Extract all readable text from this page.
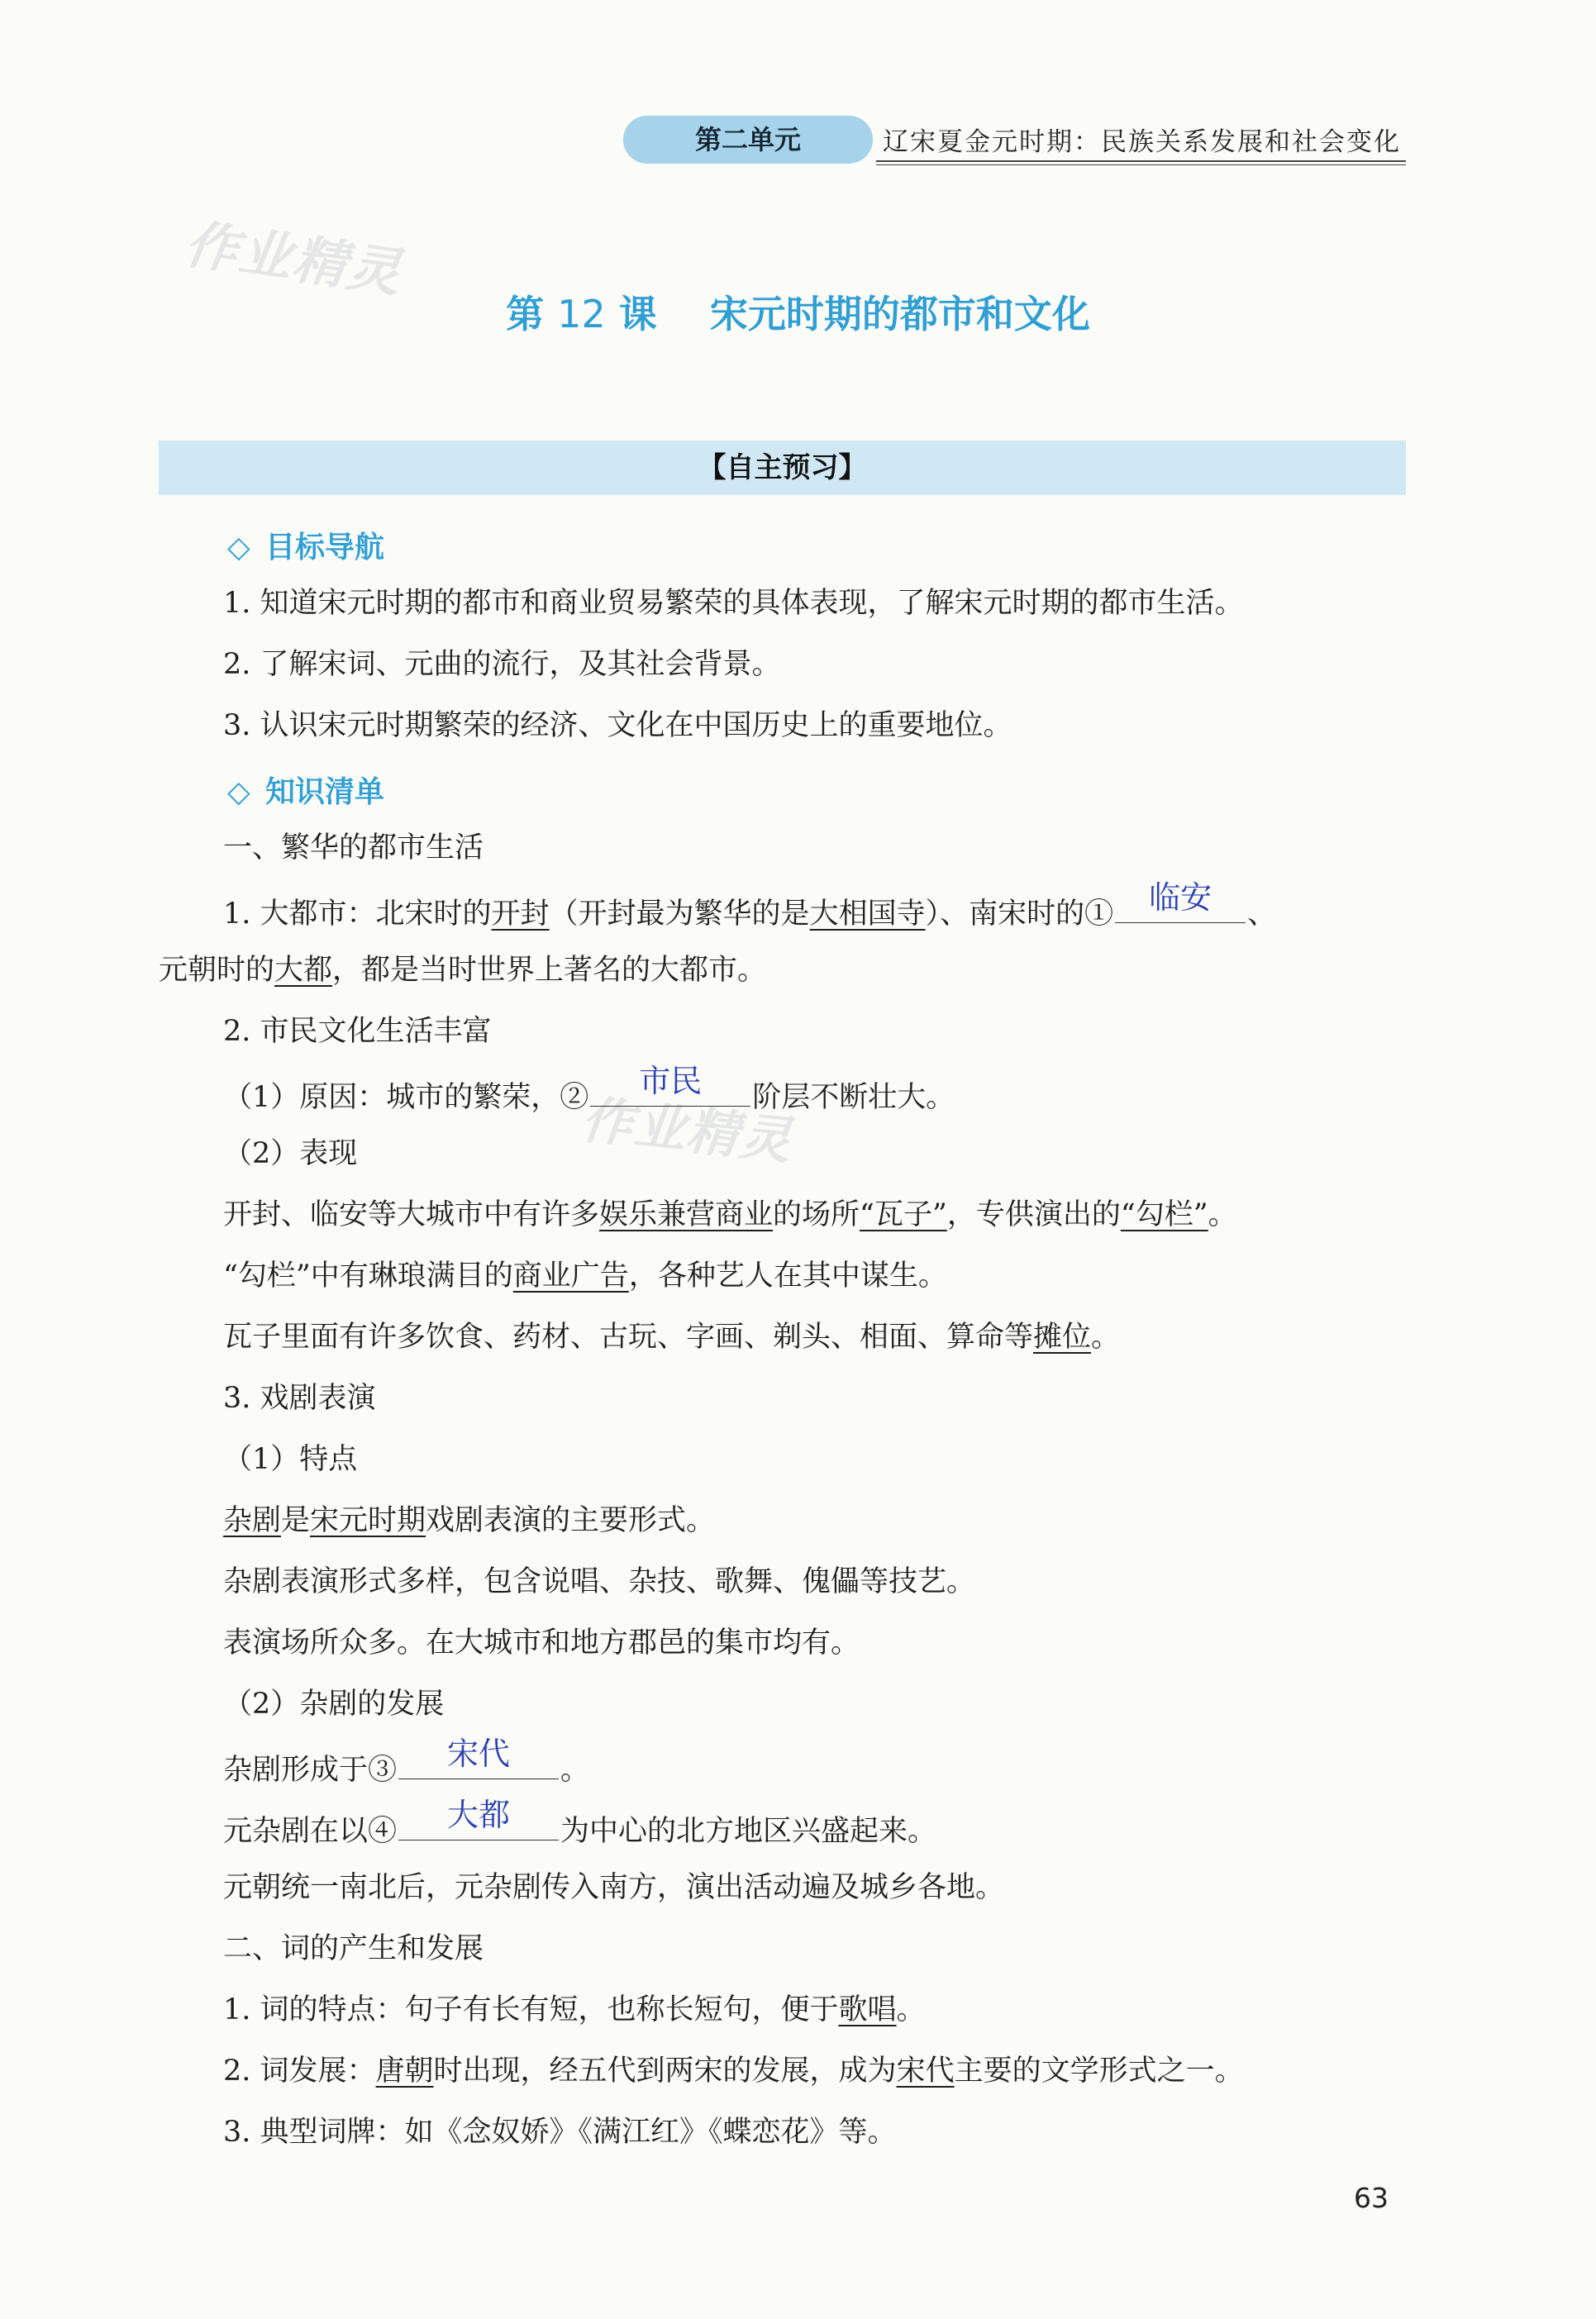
第二单元	辽宋夏金元时期：民族关系发展和社会变化
作业精灵
作业精灵
第 12 课 宋元时期的都市和文化
【自主预习】
◇ 目标导航
1. 知道宋元时期的都市和商业贸易繁荣的具体表现，了解宋元时期的都市生活。
2. 了解宋词、元曲的流行，及其社会背景。
3. 认识宋元时期繁荣的经济、文化在中国历史上的重要地位。
◇ 知识清单
一、繁华的都市生活
1. 大都市：北宋时的开封（开封最为繁华的是大相国寺）、南宋时的①	临安	、
元朝时的大都，都是当时世界上著名的大都市。
2. 市民文化生活丰富
（1）原因：城市的繁荣，②	市民	阶层不断壮大。
（2）表现
开封、临安等大城市中有许多娱乐兼营商业的场所“瓦子”，专供演出的“勾栏”。
“勾栏”中有琳琅满目的商业广告，各种艺人在其中谋生。
瓦子里面有许多饮食、药材、古玩、字画、剃头、相面、算命等摊位。
3. 戏剧表演
（1）特点
杂剧是宋元时期戏剧表演的主要形式。
杂剧表演形式多样，包含说唱、杂技、歌舞、傀儡等技艺。
表演场所众多。在大城市和地方郡邑的集市均有。
（2）杂剧的发展
杂剧形成于③	宋代	。
元杂剧在以④	大都	为中心的北方地区兴盛起来。
元朝统一南北后，元杂剧传入南方，演出活动遍及城乡各地。
二、词的产生和发展
1. 词的特点：句子有长有短，也称长短句，便于歌唱。
2. 词发展：唐朝时出现，经五代到两宋的发展，成为宋代主要的文学形式之一。
3. 典型词牌：如《念奴娇》《满江红》《蝶恋花》等。
63
